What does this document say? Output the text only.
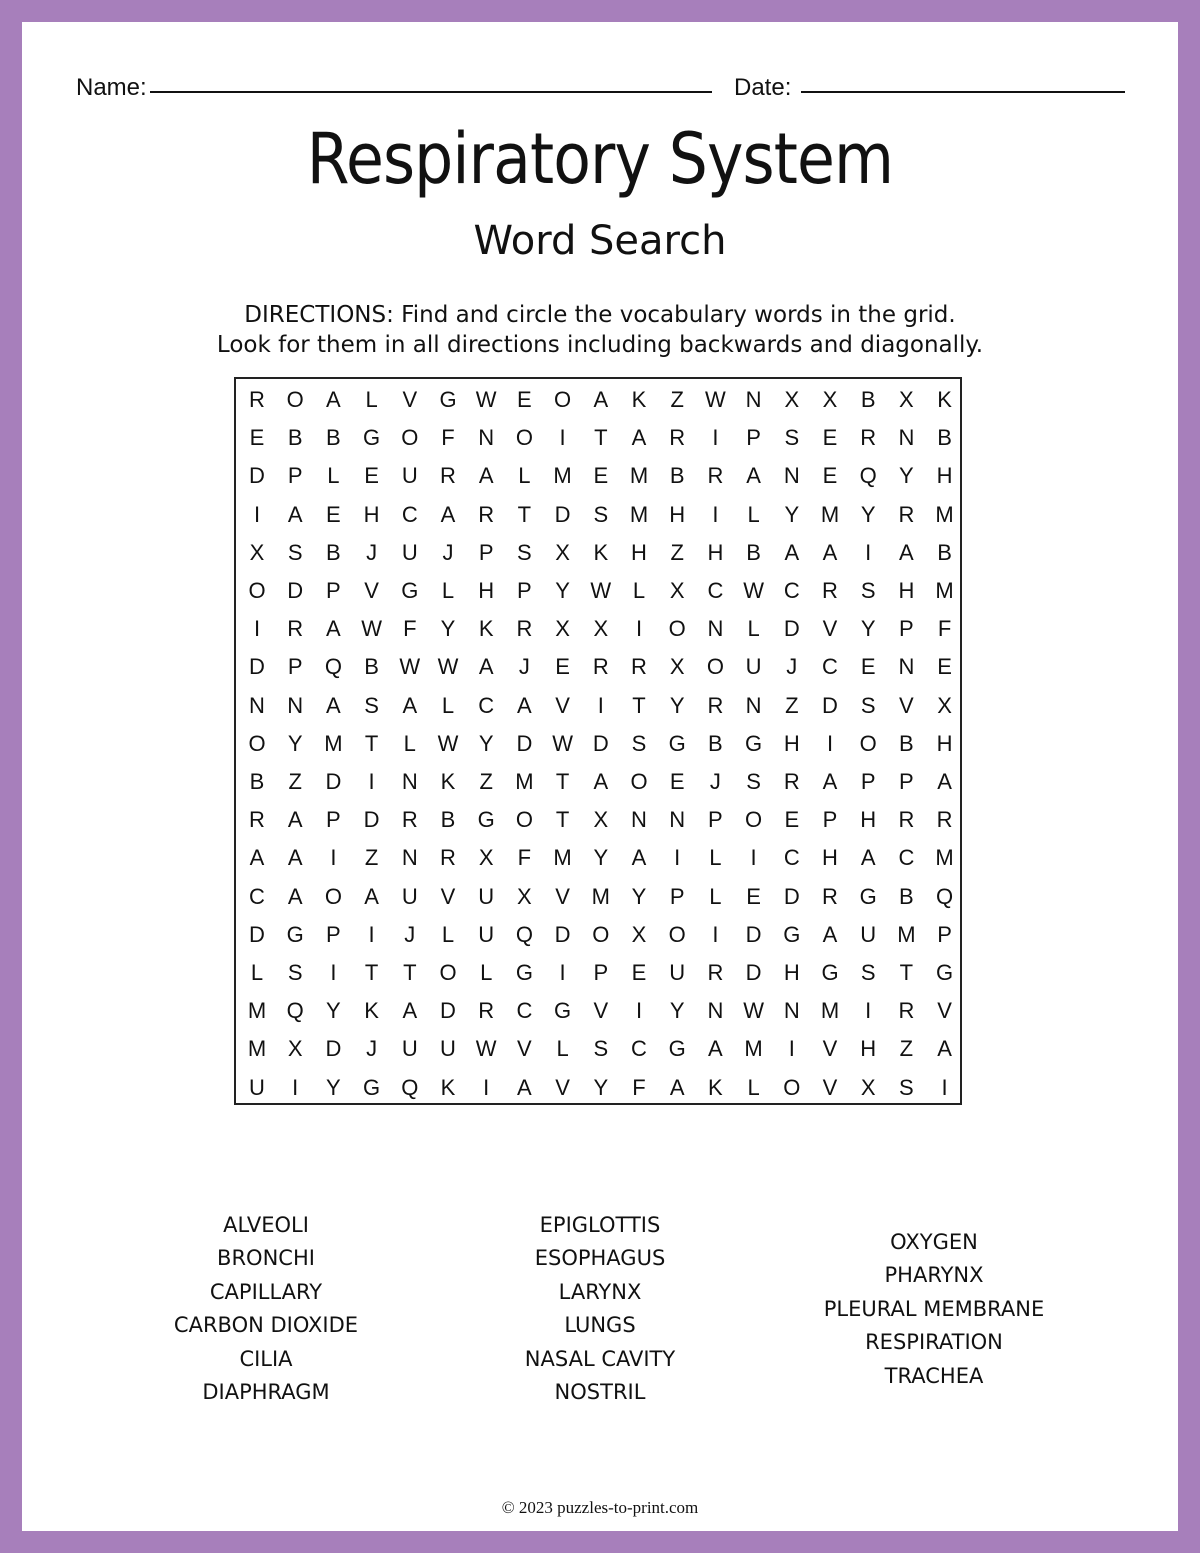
Name:	Date:
Respiratory System
Word Search
DIRECTIONS: Find and circle the vocabulary words in the grid.
Look for them in all directions including backwards and diagonally.
R O	A	L	V	G W E	O	A	K	Z W N	X	X	B	X	K
E	B	B	G O	F	N O	I	T	A	R	I	P	S	E	R	N	B
D	P	L	E	U	R	A	L	M E M B	R	A	N	E	Q	Y	H
I	A	E	H	C	A	R	T	D	S M H	I	L	Y M Y	R M
X	S	B	J	U	J	P	S	X	K	H	Z	H	B	A	A	I	A	B
O D	P	V	G	L	H	P	Y W L	X	C W C	R	S	H M
I	R	A W F	Y	K	R	X	X	I	O N	L	D	V	Y	P	F
D	P	Q	B W W A	J	E	R	R	X	O U	J	C	E	N	E
N	N	A	S	A	L	C	A	V	I	T	Y	R	N	Z	D	S	V	X
O	Y M	T	L W Y	D W D	S	G	B	G H	I	O	B	H
B	Z	D	I	N	K	Z	M	T	A	O	E	J	S	R	A	P	P	A
R	A	P	D	R	B	G O	T	X	N	N	P	O	E	P	H	R	R
A	A	I	Z	N	R	X	F	M Y	A	I	L	I	C	H	A	C M
C	A	O	A	U	V	U	X	V M Y	P	L	E	D	R G	B	Q
D G	P	I	J	L	U Q D O	X	O	I	D G	A	U M P
L	S	I	T	T	O	L	G	I	P	E	U	R	D	H G	S	T	G
M Q	Y	K	A	D	R	C G	V	I	Y	N W N M	I	R	V
M X	D	J	U	U W V	L	S	C G	A M	I	V	H	Z	A
U	I	Y	G Q	K	I	A	V	Y	F	A	K	L	O	V	X	S	I
ALVEOLI
BRONCHI
CAPILLARY
CARBON DIOXIDE
CILIA
DIAPHRAGM
EPIGLOTTIS
ESOPHAGUS
LARYNX
LUNGS
NASAL CAVITY
NOSTRIL
OXYGEN
PHARYNX
PLEURAL MEMBRANE
RESPIRATION
TRACHEA
© 2023 puzzles-to-print.com
